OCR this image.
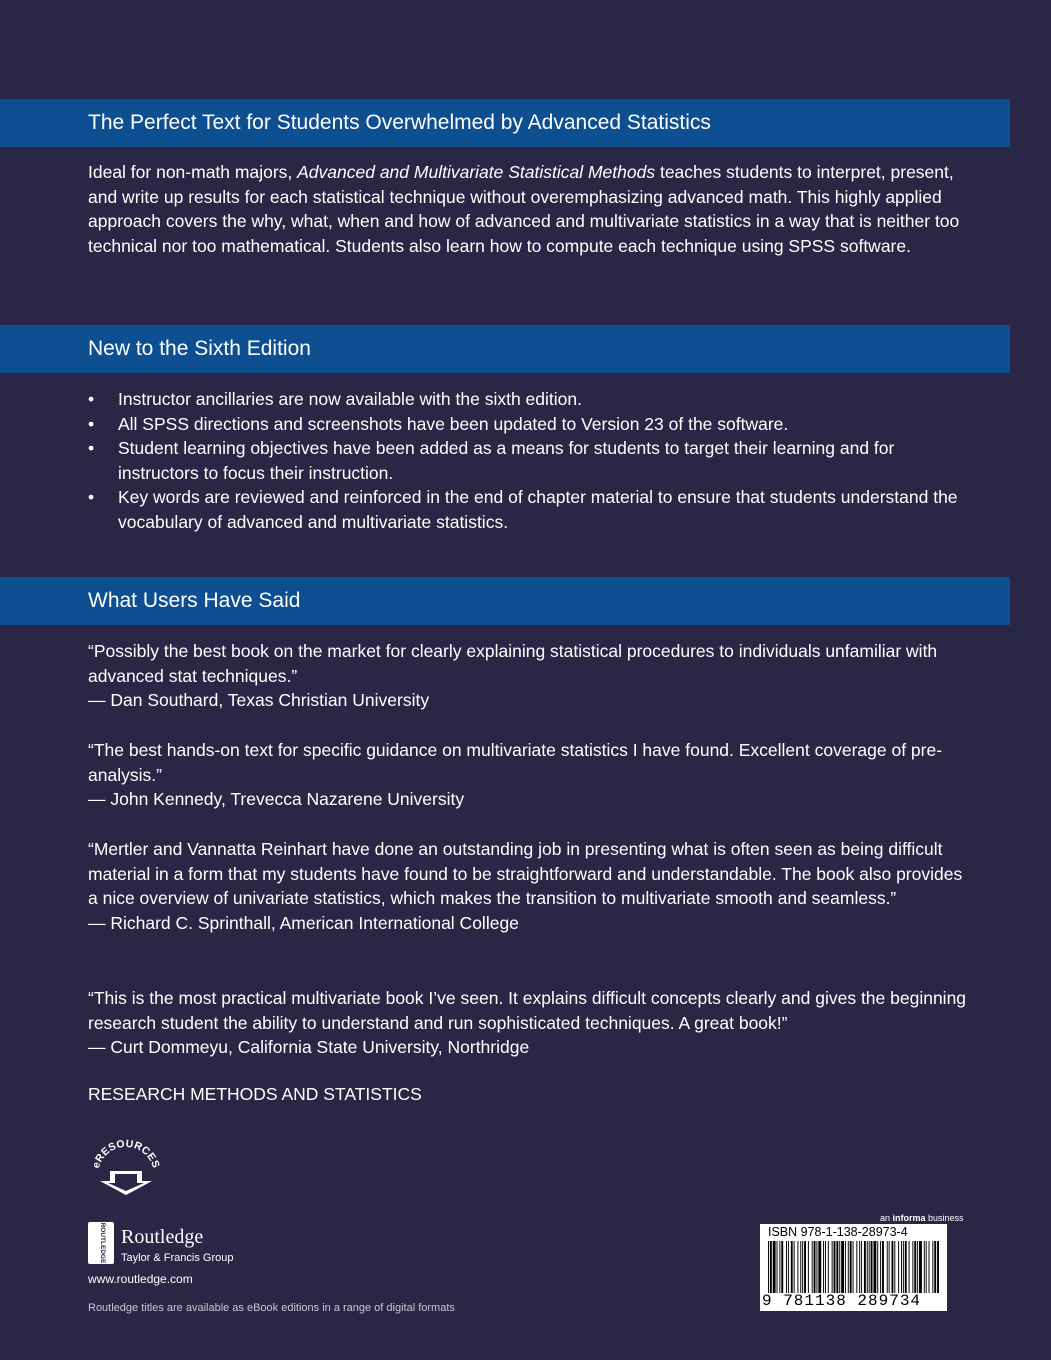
The Perfect Text for Students Overwhelmed by Advanced Statistics

Ideal for non-math majors, Advanced and Multivariate Statistical Methods teaches students to interpret, present, and write up results for each statistical technique without overemphasizing advanced math. This highly applied approach covers the why, what, when and how of advanced and multivariate statistics in a way that is neither too technical nor too mathematical. Students also learn how to compute each technique using SPSS software.

New to the Sixth Edition
• Instructor ancillaries are now available with the sixth edition.
• All SPSS directions and screenshots have been updated to Version 23 of the software.
• Student learning objectives have been added as a means for students to target their learning and for instructors to focus their instruction.
• Key words are reviewed and reinforced in the end of chapter material to ensure that students understand the vocabulary of advanced and multivariate statistics.
What Users Have Said
“Possibly the best book on the market for clearly explaining statistical procedures to individuals unfamiliar with advanced stat techniques.”
— Dan Southard, Texas Christian University
“The best hands-on text for specific guidance on multivariate statistics I have found. Excellent coverage of pre-analysis.”
— John Kennedy, Trevecca Nazarene University
“Mertler and Vannatta Reinhart have done an outstanding job in presenting what is often seen as being difficult material in a form that my students have found to be straightforward and understandable. The book also provides a nice overview of univariate statistics, which makes the transition to multivariate smooth and seamless.”
— Richard C. Sprinthall, American International College
“This is the most practical multivariate book I’ve seen. It explains difficult concepts clearly and gives the beginning research student the ability to understand and run sophisticated techniques. A great book!”
— Curt Dommeyu, California State University, Northridge
RESEARCH METHODS AND STATISTICS
eRESOURCES
ROUTLEDGE Routledge
Taylor & Francis Group
www.routledge.com
Routledge titles are available as eBook editions in a range of digital formats
an informa business
ISBN 978-1-138-28973-4
9 781138 289734
